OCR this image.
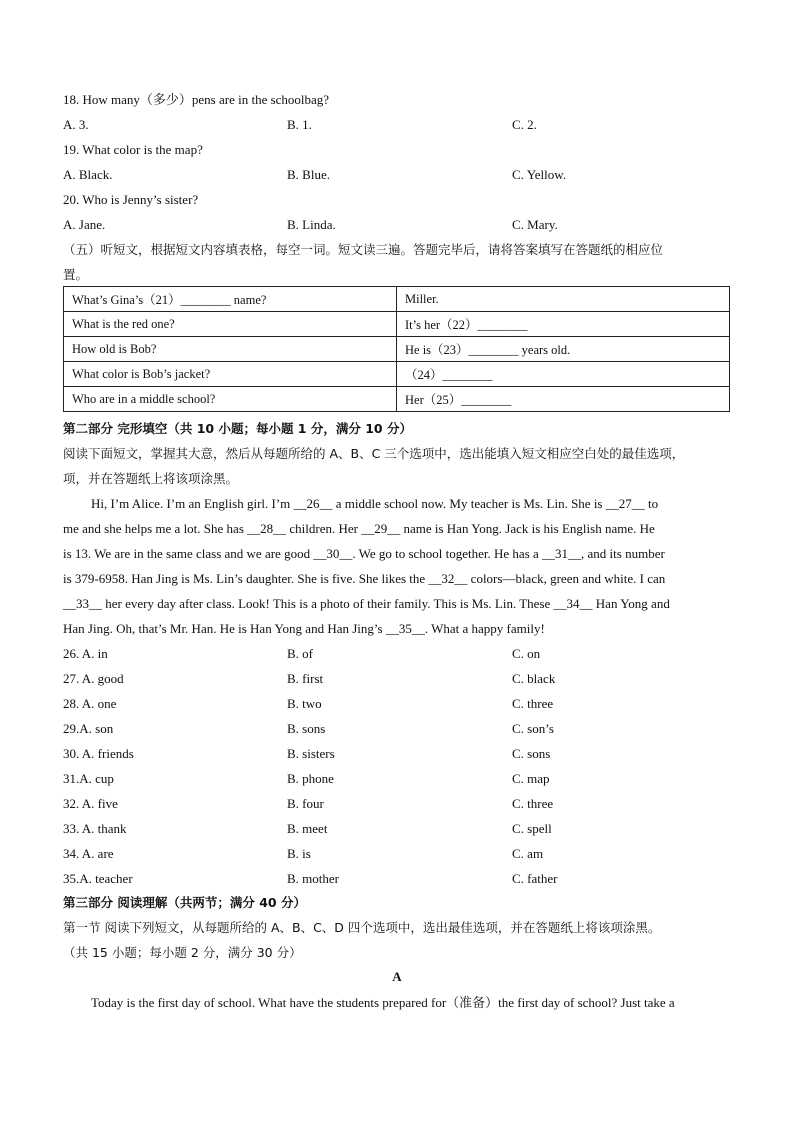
18. How many（多少）pens are in the schoolbag?
A. 3.	B. 1.	C. 2.
19. What color is the map?
A. Black.	B. Blue.	C. Yellow.
20. Who is Jenny’s sister?
A. Jane.	B. Linda.	C. Mary.
（五）听短文，根据短文内容填表格，每空一词。短文读三遍。答题完毕后，请将答案填写在答题纸的相应位
置。
What’s Gina’s（21）________ name?	Miller.
What is the red one?	It’s her（22）________
How old is Bob?	He is（23）________ years old.
What color is Bob’s jacket?	（24）________
Who are in a middle school?	Her（25）________
第二部分 完形填空（共 10 小题；每小题 1 分，满分 10 分）
阅读下面短文，掌握其大意，然后从每题所给的 A、B、C 三个选项中，选出能填入短文相应空白处的最佳选项，
项，并在答题纸上将该项涂黑。
Hi, I’m Alice. I’m an English girl. I’m __26__ a middle school now. My teacher is Ms. Lin. She is __27__ to
me and she helps me a lot. She has __28__ children. Her __29__ name is Han Yong. Jack is his English name. He
is 13. We are in the same class and we are good __30__. We go to school together. He has a __31__, and its number
is 379-6958. Han Jing is Ms. Lin’s daughter. She is five. She likes the __32__ colors—black, green and white. I can
__33__ her every day after class. Look! This is a photo of their family. This is Ms. Lin. These __34__ Han Yong and
Han Jing. Oh, that’s Mr. Han. He is Han Yong and Han Jing’s __35__. What a happy family!
26. A. in	B. of	C. on
27. A. good	B. first	C. black
28. A. one	B. two	C. three
29.A. son	B. sons	C. son’s
30. A. friends	B. sisters	C. sons
31.A. cup	B. phone	C. map
32. A. five	B. four	C. three
33. A. thank	B. meet	C. spell
34. A. are	B. is	C. am
35.A. teacher	B. mother	C. father
第三部分 阅读理解（共两节；满分 40 分）
第一节 阅读下列短文，从每题所给的 A、B、C、D 四个选项中，选出最佳选项，并在答题纸上将该项涂黑。
（共 15 小题；每小题 2 分，满分 30 分）
A
Today is the first day of school. What have the students prepared for（准备）the first day of school? Just take a
